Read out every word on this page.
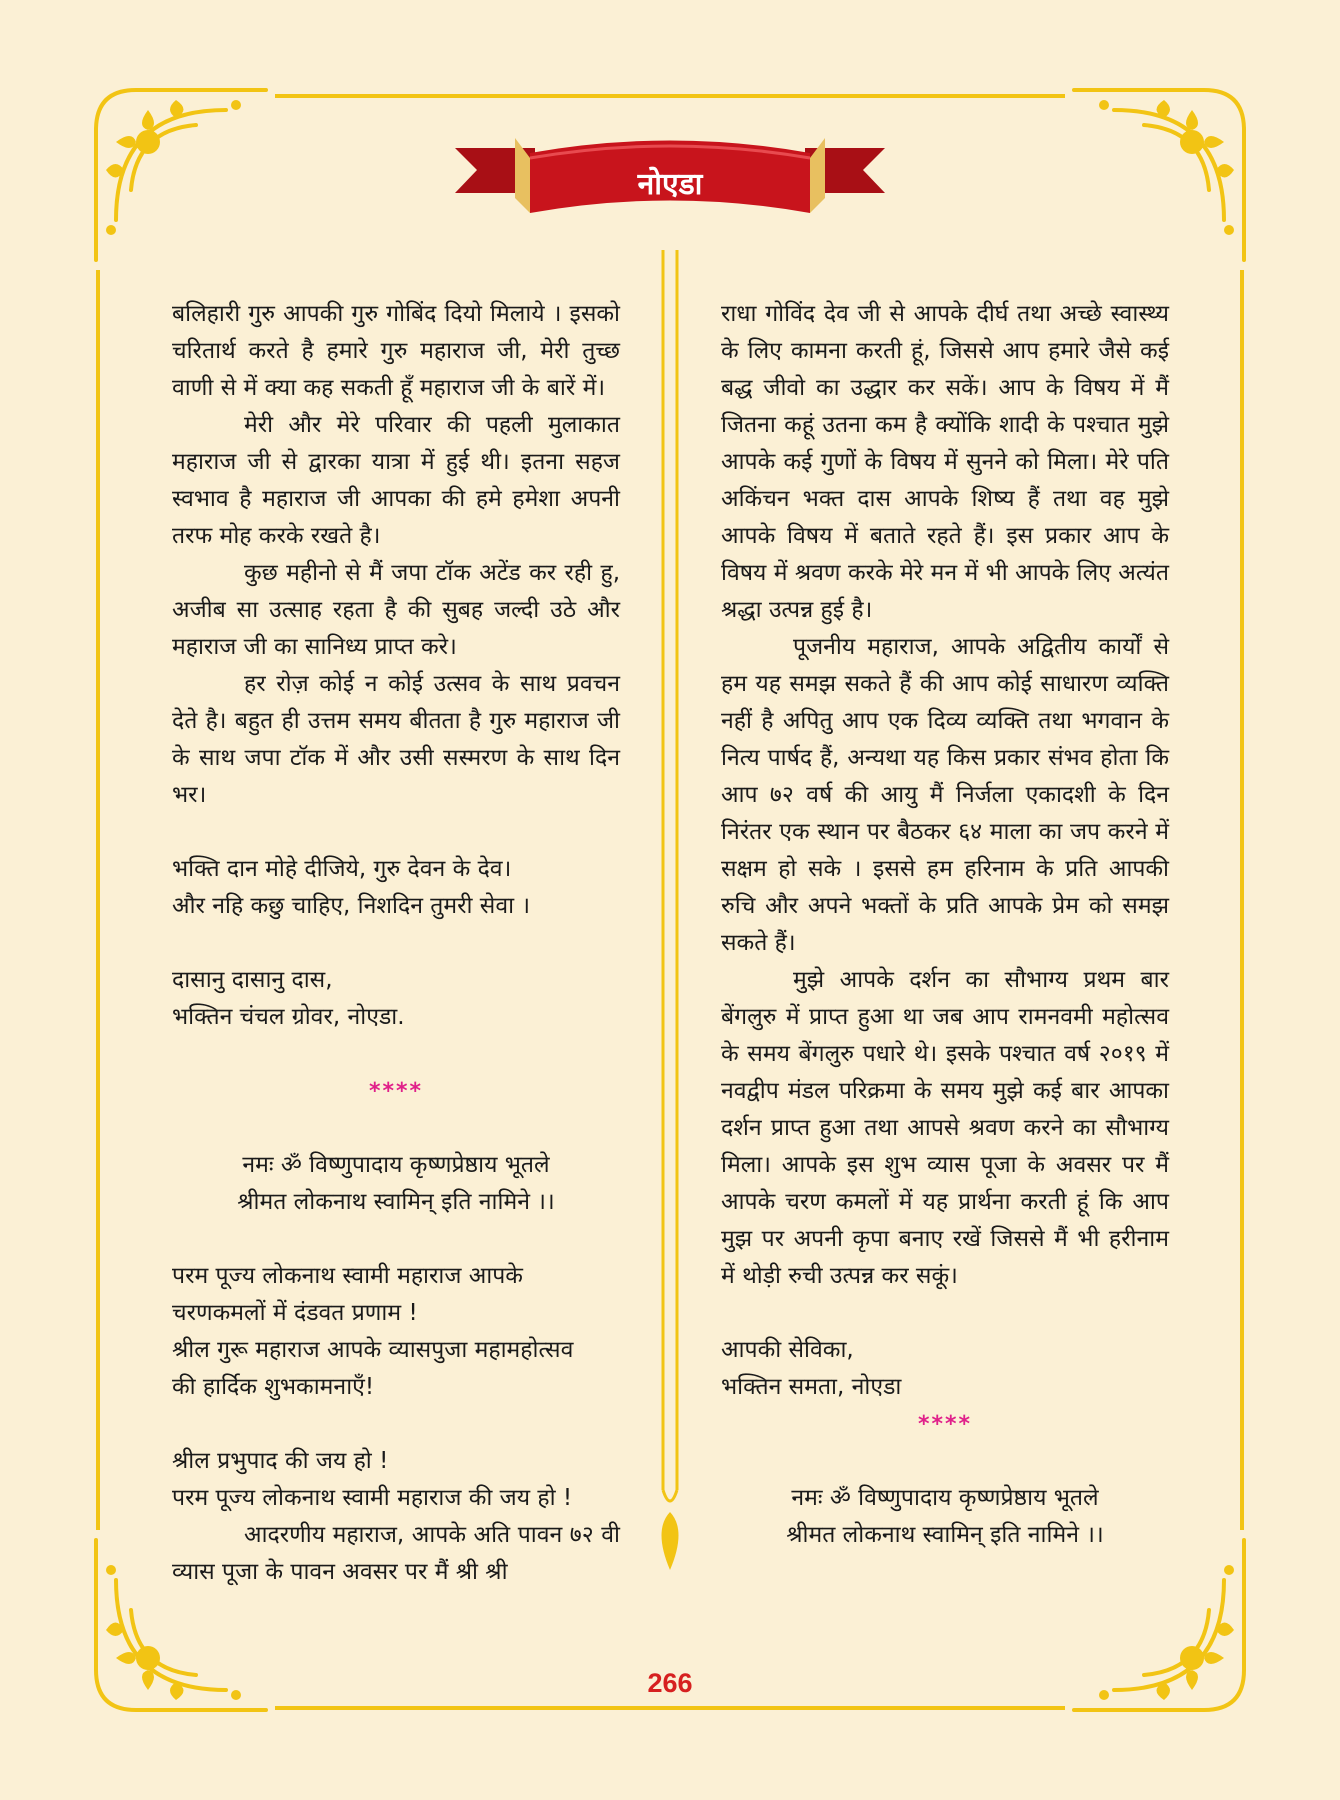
नोएडा

बलिहारी गुरु आपकी गुरु गोबिंद दियो मिलाये । इसको चरितार्थ करते है हमारे गुरु महाराज जी, मेरी तुच्छ वाणी से में क्या कह सकती हूँ महाराज जी के बारें में।

मेरी और मेरे परिवार की पहली मुलाकात महाराज जी से द्वारका यात्रा में हुई थी। इतना सहज स्वभाव है महाराज जी आपका की हमे हमेशा अपनी तरफ मोह करके रखते है।

कुछ महीनो से मैं जपा टॉक अटेंड कर रही हु, अजीब सा उत्साह रहता है की सुबह जल्दी उठे और महाराज जी का सानिध्य प्राप्त करे।

हर रोज़ कोई न कोई उत्सव के साथ प्रवचन देते है। बहुत ही उत्तम समय बीतता है गुरु महाराज जी के साथ जपा टॉक में और उसी सस्मरण के साथ दिन भर।

भक्ति दान मोहे दीजिये, गुरु देवन के देव।
और नहि कछु चाहिए, निशदिन तुमरी सेवा ।

दासानु दासानु दास,
भक्तिन चंचल ग्रोवर, नोएडा.

****

नमः ॐ विष्णुपादाय कृष्णप्रेष्ठाय भूतले
श्रीमत लोकनाथ स्वामिन् इति नामिने ।।

परम पूज्य लोकनाथ स्वामी महाराज आपके
चरणकमलों में दंडवत प्रणाम !
श्रील गुरू महाराज आपके व्यासपुजा महामहोत्सव
की हार्दिक शुभकामनाएँ!

श्रील प्रभुपाद की जय हो !
परम पूज्य लोकनाथ स्वामी महाराज की जय हो !

आदरणीय महाराज, आपके अति पावन ७२ वी व्यास पूजा के पावन अवसर पर मैं श्री श्री

राधा गोविंद देव जी से आपके दीर्घ तथा अच्छे स्वास्थ्य के लिए कामना करती हूं, जिससे आप हमारे जैसे कई बद्ध जीवो का उद्धार कर सकें। आप के विषय में मैं जितना कहूं उतना कम है क्योंकि शादी के पश्चात मुझे आपके कई गुणों के विषय में सुनने को मिला। मेरे पति अकिंचन भक्त दास आपके शिष्य हैं तथा वह मुझे आपके विषय में बताते रहते हैं। इस प्रकार आप के विषय में श्रवण करके मेरे मन में भी आपके लिए अत्यंत श्रद्धा उत्पन्न हुई है।

पूजनीय महाराज, आपके अद्वितीय कार्यों से हम यह समझ सकते हैं की आप कोई साधारण व्यक्ति नहीं है अपितु आप एक दिव्य व्यक्ति तथा भगवान के नित्य पार्षद हैं, अन्यथा यह किस प्रकार संभव होता कि आप ७२ वर्ष की आयु मैं निर्जला एकादशी के दिन निरंतर एक स्थान पर बैठकर ६४ माला का जप करने में सक्षम हो सके । इससे हम हरिनाम के प्रति आपकी रुचि और अपने भक्तों के प्रति आपके प्रेम को समझ सकते हैं।

मुझे आपके दर्शन का सौभाग्य प्रथम बार बेंगलुरु में प्राप्त हुआ था जब आप रामनवमी महोत्सव के समय बेंगलुरु पधारे थे। इसके पश्चात वर्ष २०१९ में नवद्वीप मंडल परिक्रमा के समय मुझे कई बार आपका दर्शन प्राप्त हुआ तथा आपसे श्रवण करने का सौभाग्य मिला। आपके इस शुभ व्यास पूजा के अवसर पर मैं आपके चरण कमलों में यह प्रार्थना करती हूं कि आप मुझ पर अपनी कृपा बनाए रखें जिससे मैं भी हरीनाम में थोड़ी रुची उत्पन्न कर सकूं।

आपकी सेविका,
भक्तिन समता, नोएडा

****

नमः ॐ विष्णुपादाय कृष्णप्रेष्ठाय भूतले
श्रीमत लोकनाथ स्वामिन् इति नामिने ।।

266
